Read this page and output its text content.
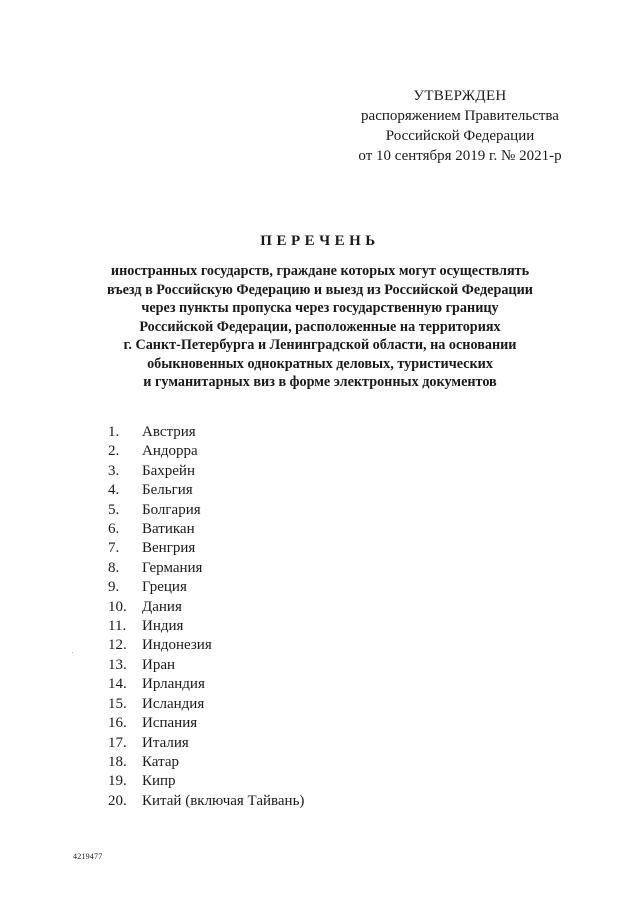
УТВЕРЖДЕН
распоряжением Правительства
Российской Федерации
от 10 сентября 2019 г. № 2021-р
ПЕРЕЧЕНЬ
иностранных государств, граждане которых могут осуществлять
въезд в Российскую Федерацию и выезд из Российской Федерации
через пункты пропуска через государственную границу
Российской Федерации, расположенные на территориях
г. Санкт-Петербурга и Ленинградской области, на основании
обыкновенных однократных деловых, туристических
и гуманитарных виз в форме электронных документов
1.	Австрия
2.	Андорра
3.	Бахрейн
4.	Бельгия
5.	Болгария
6.	Ватикан
7.	Венгрия
8.	Германия
9.	Греция
10.	Дания
11.	Индия
12.	Индонезия
13.	Иран
14.	Ирландия
15.	Исландия
16.	Испания
17.	Италия
18.	Катар
19.	Кипр
20.	Китай (включая Тайвань)
4219477
